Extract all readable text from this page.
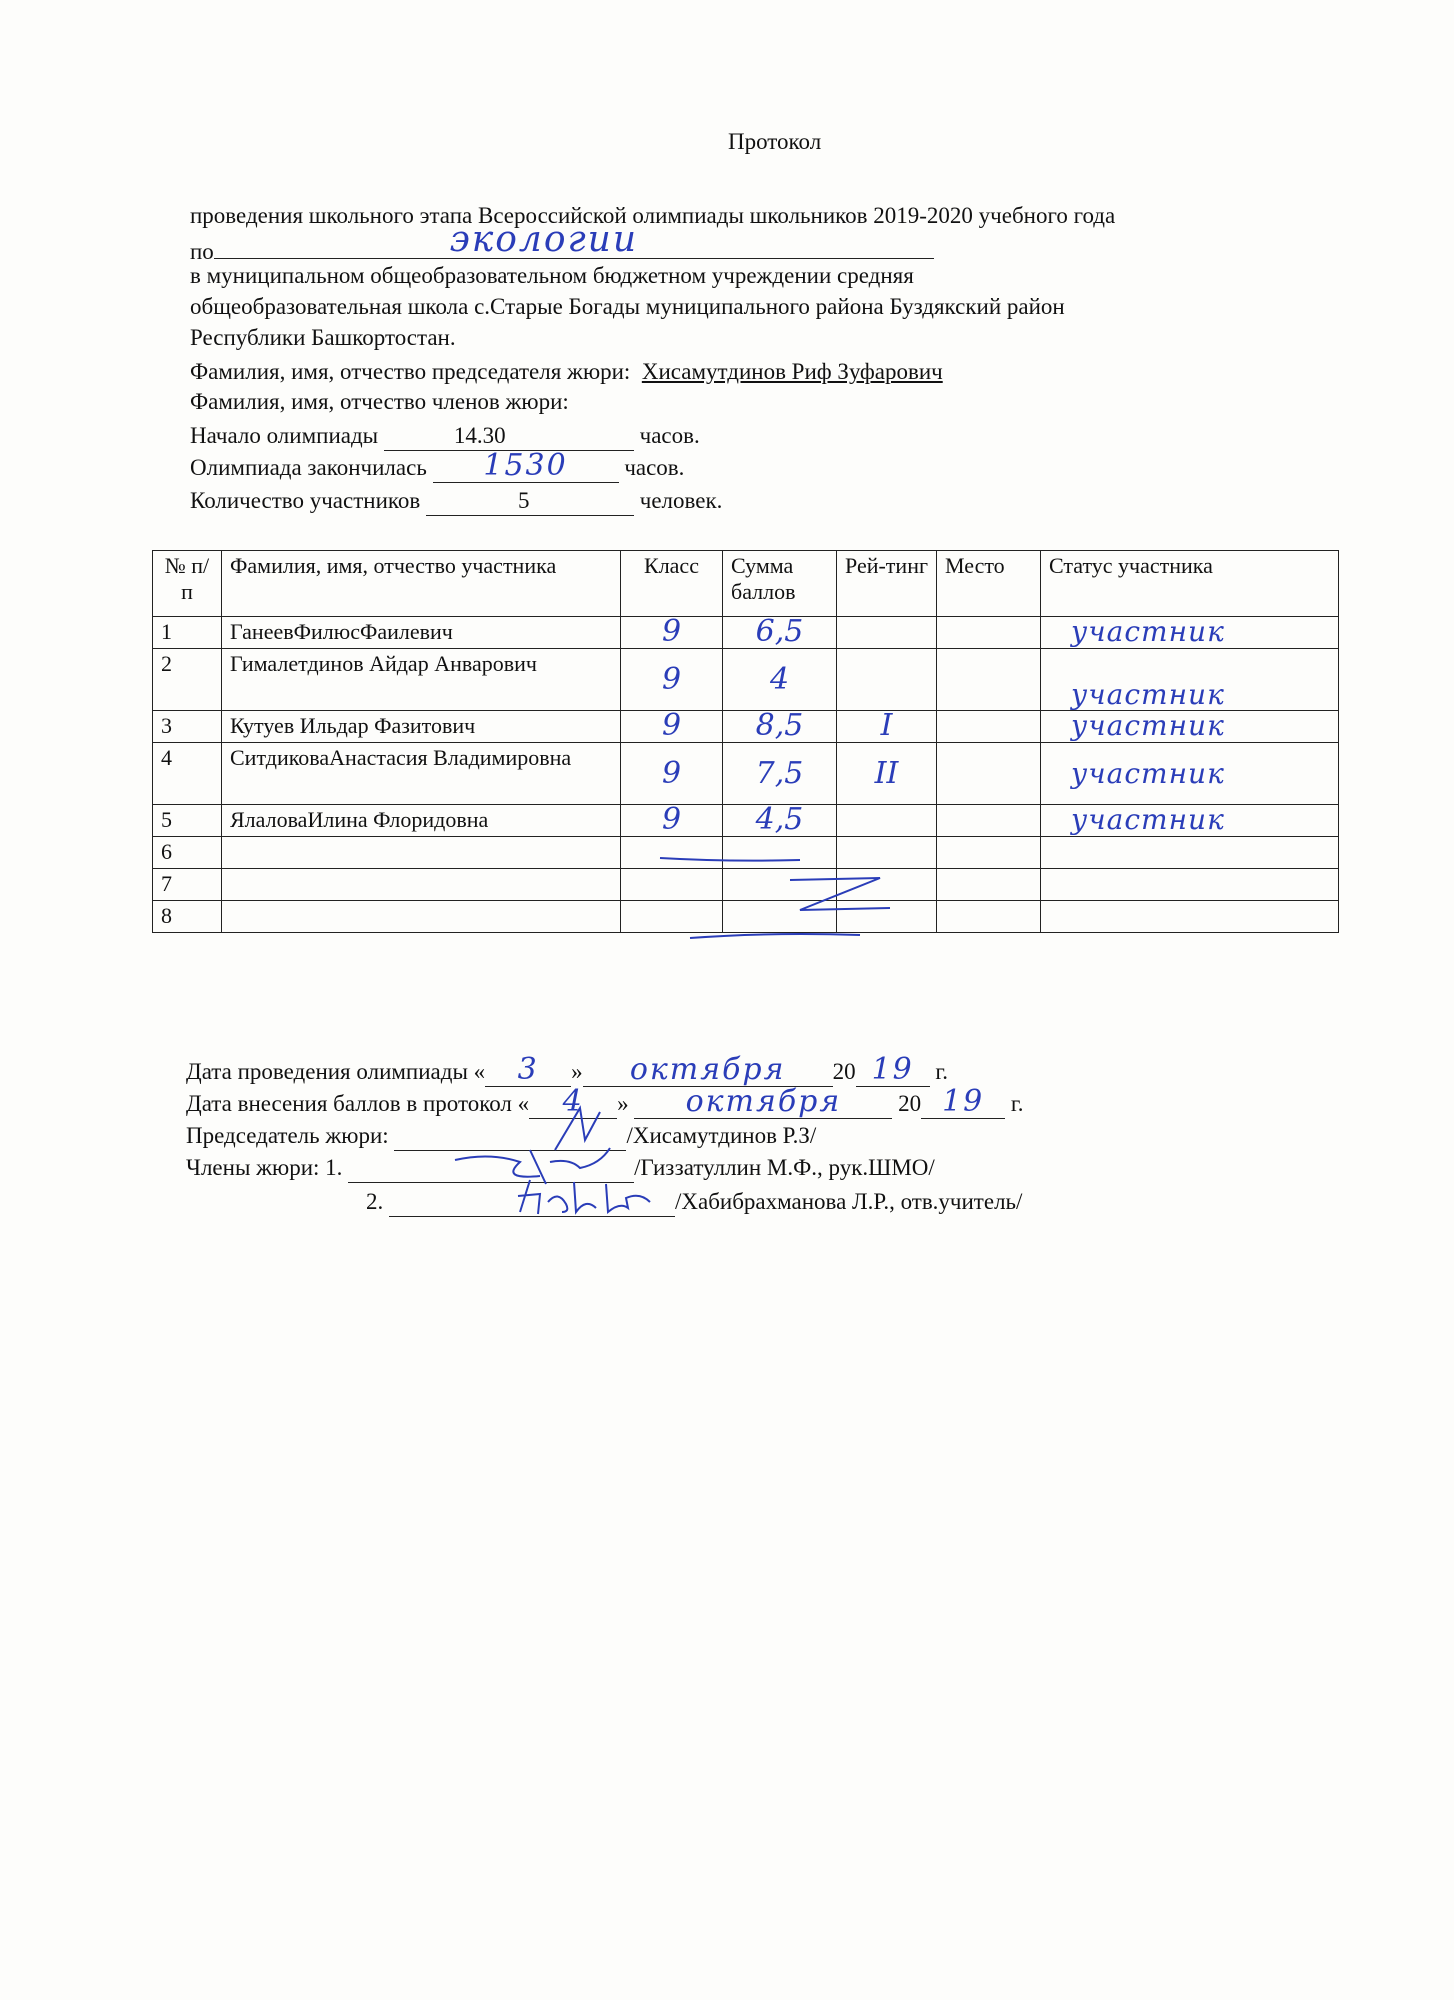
Протокол
проведения школьного этапа Всероссийской олимпиады школьников 2019-2020 учебного года
по	экологии
в муниципальном общеобразовательном бюджетном учреждении средняя
общеобразовательная школа с.Старые Богады муниципального района Буздякский район
Республики Башкортостан.
Фамилия, имя, отчество председателя жюри: Хисамутдинов Риф Зуфарович
Фамилия, имя, отчество членов жюри:
Начало олимпиады	14.30	часов.
Олимпиада закончилась	1530	часов.
Количество участников	5	человек.
№ п/п	Фамилия, имя, отчество участника	Класс	Сумма баллов	Рей-тинг	Место	Статус участника
1	ГанеевФилюсФаилевич	9	6,5			участник
2	Гималетдинов Айдар Анварович	9	4			участник
3	Кутуев Ильдар Фазитович	9	8,5	I		участник
4	СитдиковаАнастасия Владимировна	9	7,5	II		участник
5	ЯлаловаИлина Флоридовна	9	4,5			участник
6						
7						
8						
Дата проведения олимпиады «	3	»	октября	20 19 г.
Дата внесения баллов в протокол «	4	»	октября	20 19	г.
Председатель жюри:	/Хисамутдинов Р.З/
Члены жюри: 1.	/Гиззатуллин М.Ф., рук.ШМО/
2.	/Хабибрахманова Л.Р., отв.учитель/
